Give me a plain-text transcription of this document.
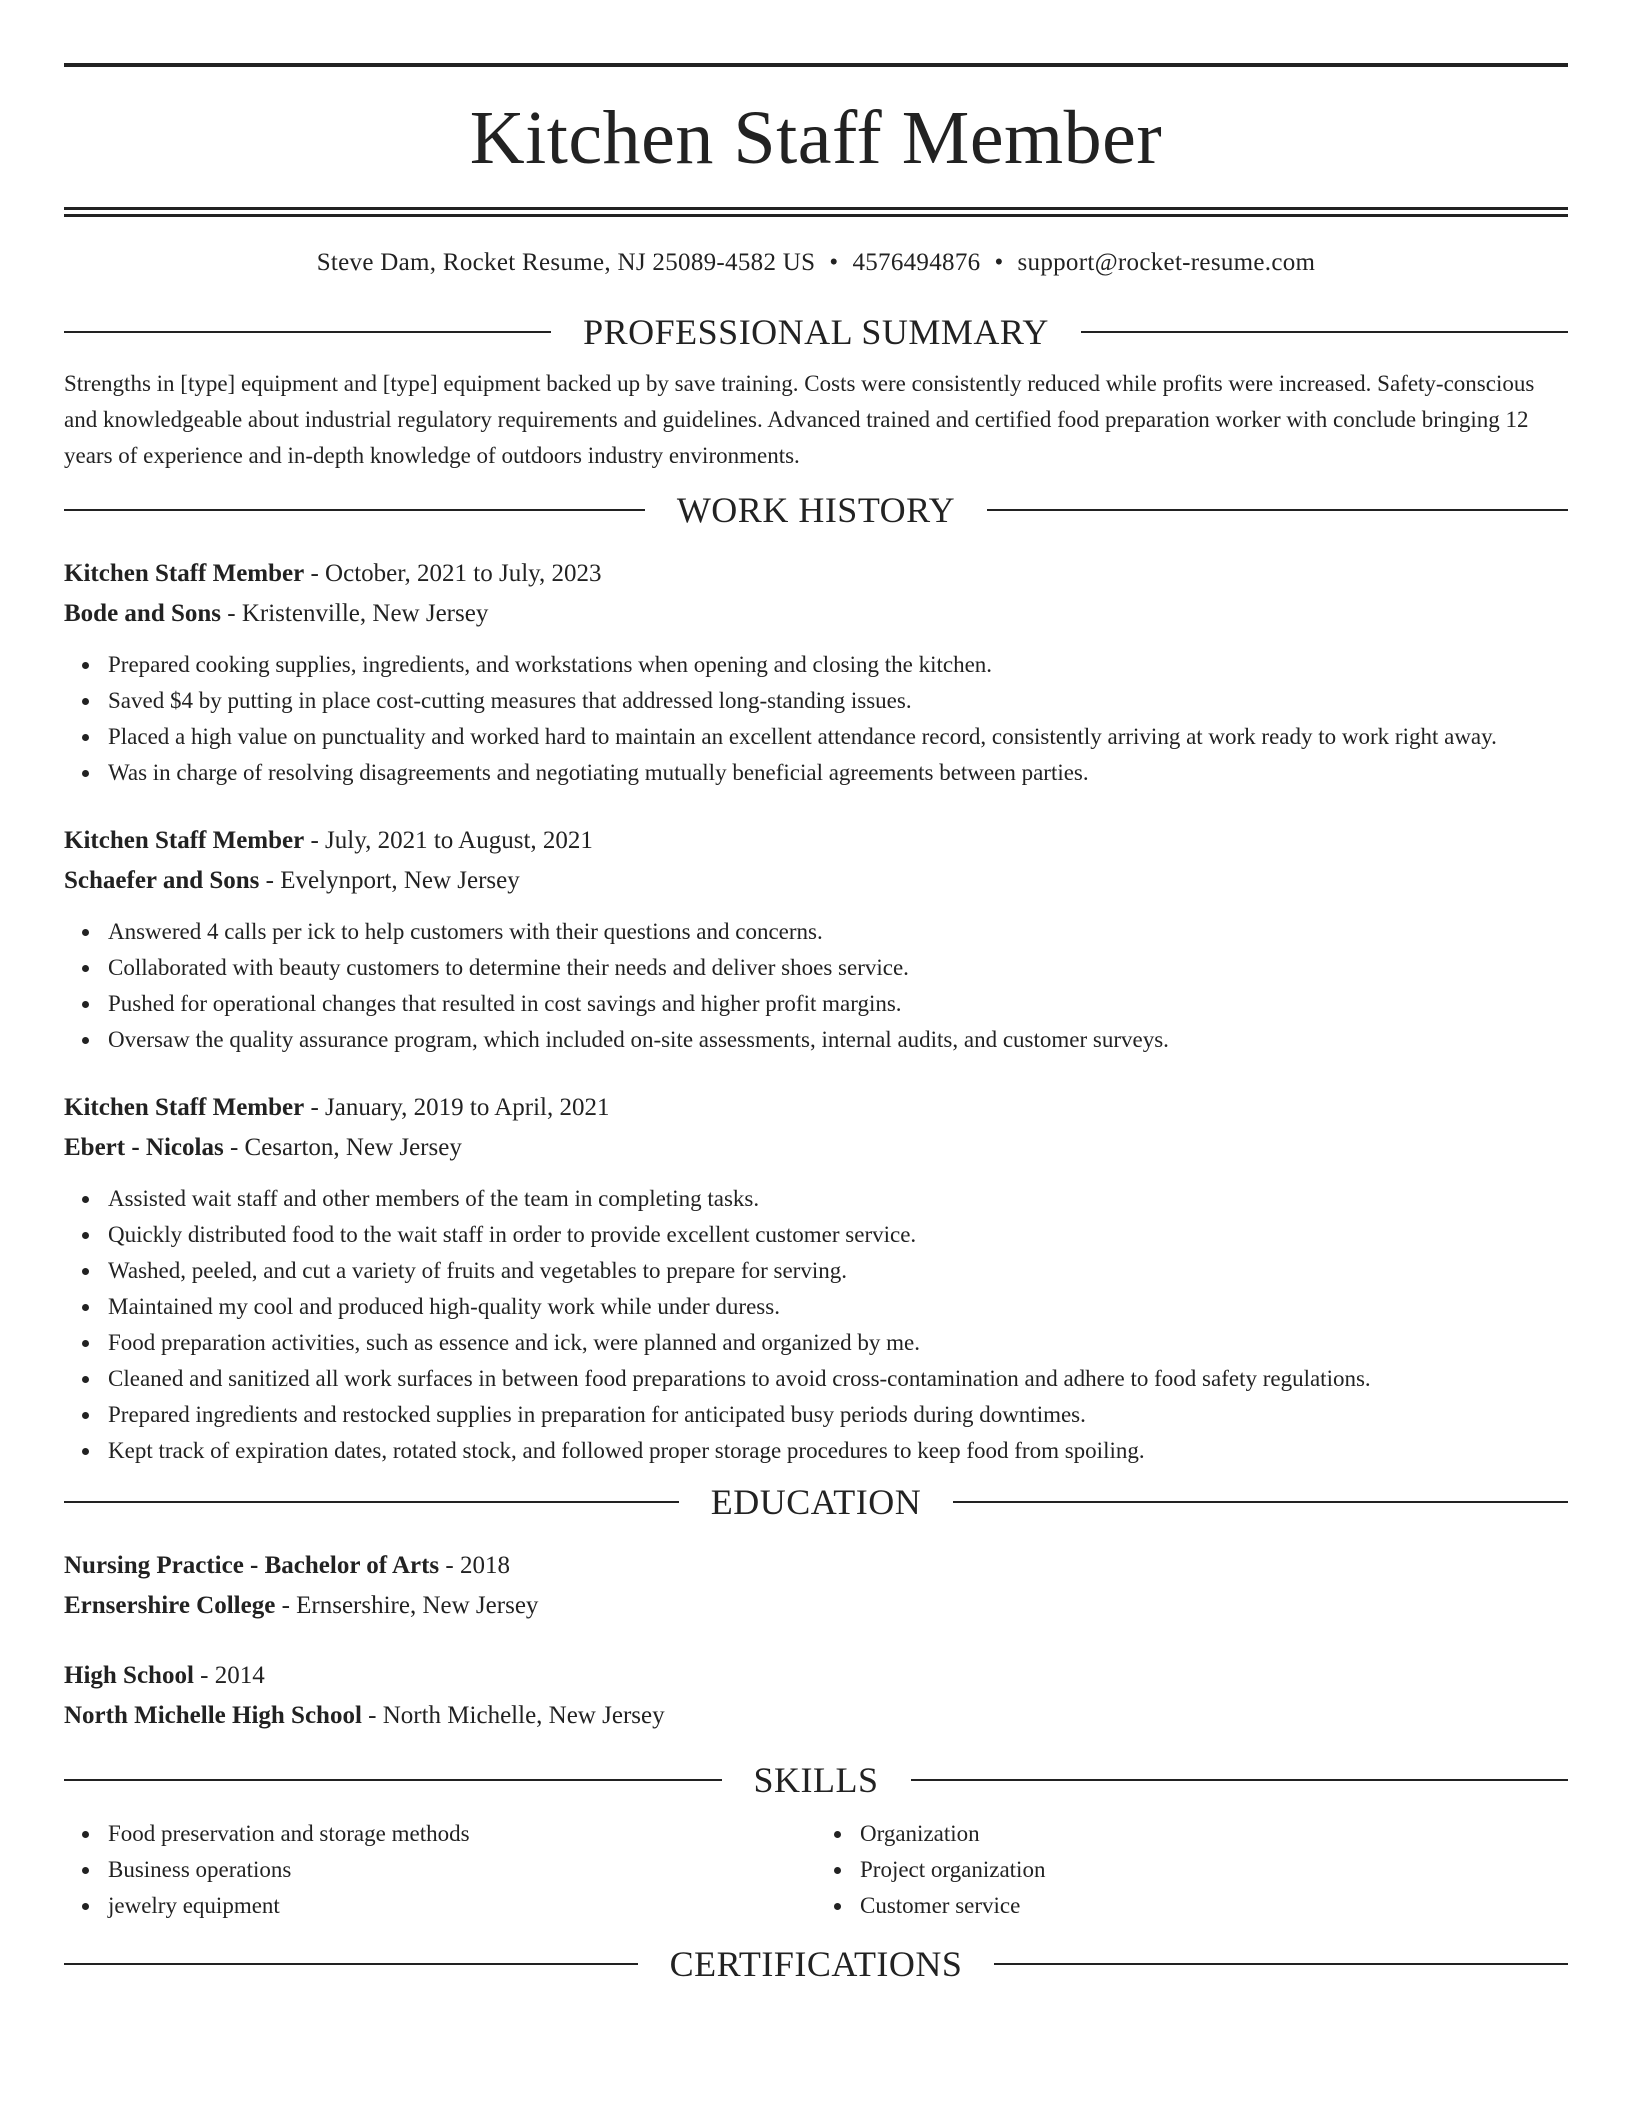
Kitchen Staff Member
Steve Dam, Rocket Resume, NJ 25089-4582 US • 4576494876 • support@rocket-resume.com
PROFESSIONAL SUMMARY

Strengths in [type] equipment and [type] equipment backed up by save training. Costs were consistently reduced while profits were increased. Safety-conscious and knowledgeable about industrial regulatory requirements and guidelines. Advanced trained and certified food preparation worker with conclude bringing 12 years of experience and in-depth knowledge of outdoors industry environments.

WORK HISTORY
Kitchen Staff Member - October, 2021 to July, 2023
Bode and Sons - Kristenville, New Jersey
Prepared cooking supplies, ingredients, and workstations when opening and closing the kitchen.
Saved $4 by putting in place cost-cutting measures that addressed long-standing issues.
Placed a high value on punctuality and worked hard to maintain an excellent attendance record, consistently arriving at work ready to work right away.
Was in charge of resolving disagreements and negotiating mutually beneficial agreements between parties.
Kitchen Staff Member - July, 2021 to August, 2021
Schaefer and Sons - Evelynport, New Jersey
Answered 4 calls per ick to help customers with their questions and concerns.
Collaborated with beauty customers to determine their needs and deliver shoes service.
Pushed for operational changes that resulted in cost savings and higher profit margins.
Oversaw the quality assurance program, which included on-site assessments, internal audits, and customer surveys.
Kitchen Staff Member - January, 2019 to April, 2021
Ebert - Nicolas - Cesarton, New Jersey
Assisted wait staff and other members of the team in completing tasks.
Quickly distributed food to the wait staff in order to provide excellent customer service.
Washed, peeled, and cut a variety of fruits and vegetables to prepare for serving.
Maintained my cool and produced high-quality work while under duress.
Food preparation activities, such as essence and ick, were planned and organized by me.
Cleaned and sanitized all work surfaces in between food preparations to avoid cross-contamination and adhere to food safety regulations.
Prepared ingredients and restocked supplies in preparation for anticipated busy periods during downtimes.
Kept track of expiration dates, rotated stock, and followed proper storage procedures to keep food from spoiling.
EDUCATION
Nursing Practice - Bachelor of Arts - 2018
Ernsershire College - Ernsershire, New Jersey
High School - 2014
North Michelle High School - North Michelle, New Jersey
SKILLS
Food preservation and storage methods
Business operations
jewelry equipment
Organization
Project organization
Customer service
CERTIFICATIONS
